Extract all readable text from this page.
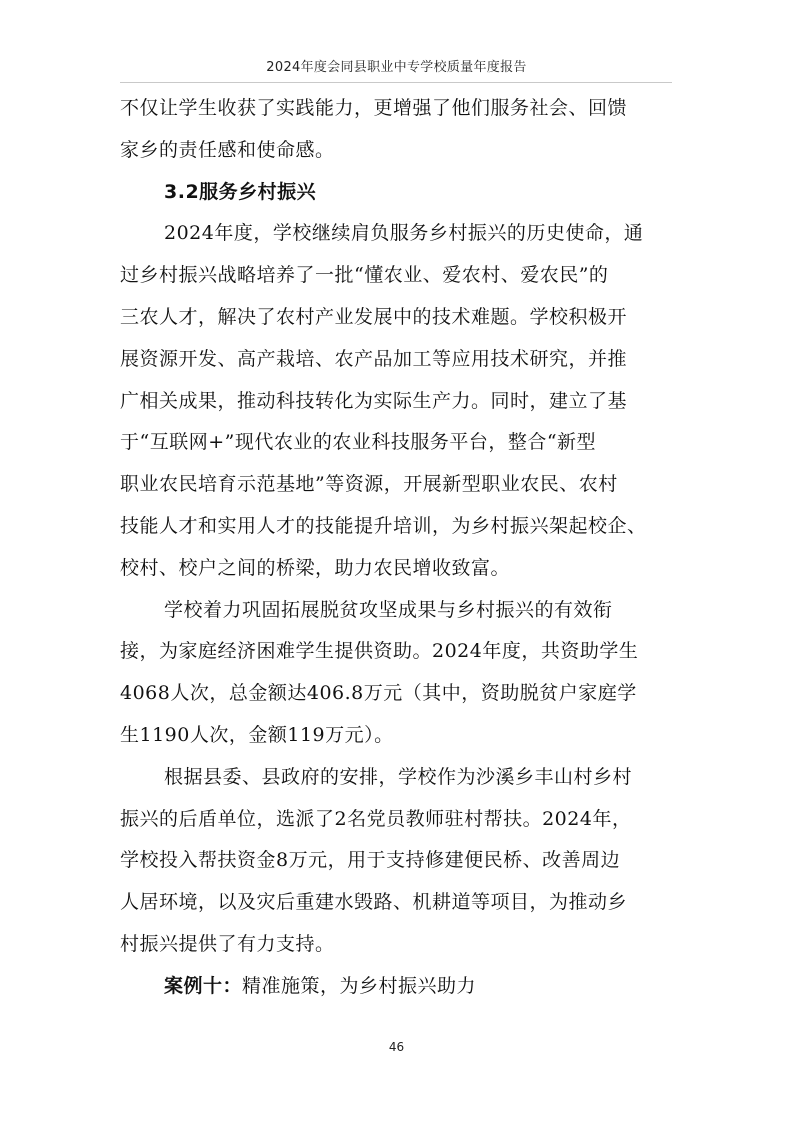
2024年度会同县职业中专学校质量年度报告
不仅让学生收获了实践能力，更增强了他们服务社会、回馈
家乡的责任感和使命感。
3.2服务乡村振兴
2024年度，学校继续肩负服务乡村振兴的历史使命，通
过乡村振兴战略培养了一批“懂农业、爱农村、爱农民”的
三农人才，解决了农村产业发展中的技术难题。学校积极开
展资源开发、高产栽培、农产品加工等应用技术研究，并推
广相关成果，推动科技转化为实际生产力。同时，建立了基
于“互联网+”现代农业的农业科技服务平台，整合“新型
职业农民培育示范基地”等资源，开展新型职业农民、农村
技能人才和实用人才的技能提升培训，为乡村振兴架起校企、
校村、校户之间的桥梁，助力农民增收致富。
学校着力巩固拓展脱贫攻坚成果与乡村振兴的有效衔
接，为家庭经济困难学生提供资助。2024年度，共资助学生
4068人次，总金额达406.8万元（其中，资助脱贫户家庭学
生1190人次，金额119万元）。
根据县委、县政府的安排，学校作为沙溪乡丰山村乡村
振兴的后盾单位，选派了2名党员教师驻村帮扶。2024年，
学校投入帮扶资金8万元，用于支持修建便民桥、改善周边
人居环境，以及灾后重建水毁路、机耕道等项目，为推动乡
村振兴提供了有力支持。
案例十：精准施策，为乡村振兴助力
46
